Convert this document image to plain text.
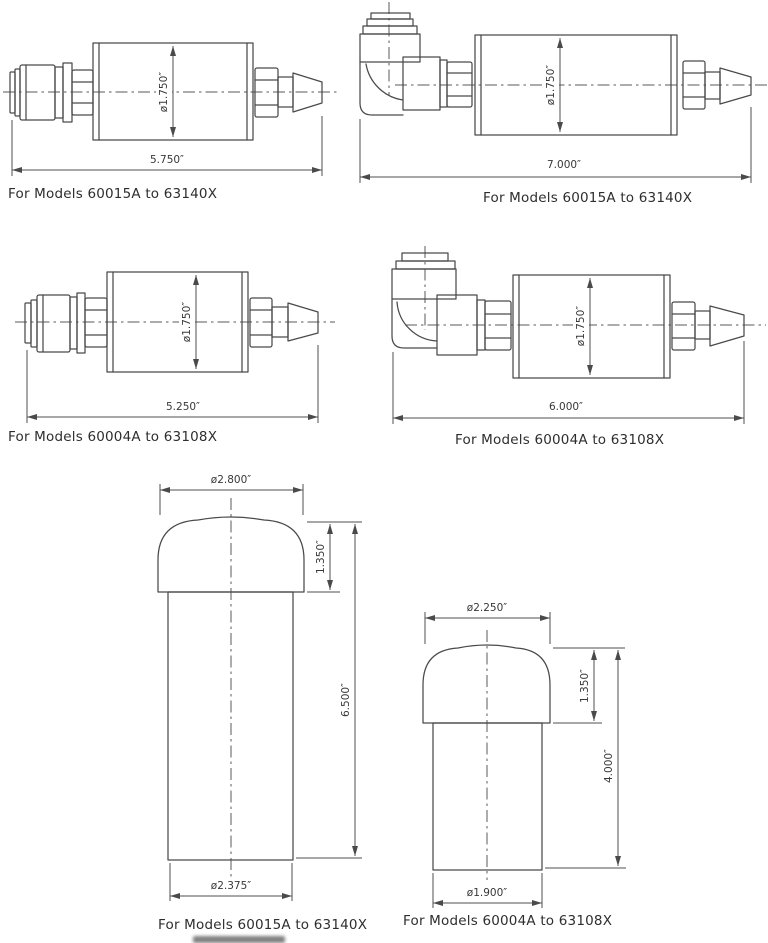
ø1.750″
5.750″
ø1.750″
7.000″
ø1.750″
5.250″
ø1.750″
6.000″
ø2.800″
1.350″
6.500″
ø2.375″
ø2.250″
1.350″
4.000″
ø1.900″
For Models 60015A to 63140X	For Models 60015A to 63140X
For Models 60004A to 63108X	For Models 60004A to 63108X
For Models 60015A to 63140X	For Models 60004A to 63108X
